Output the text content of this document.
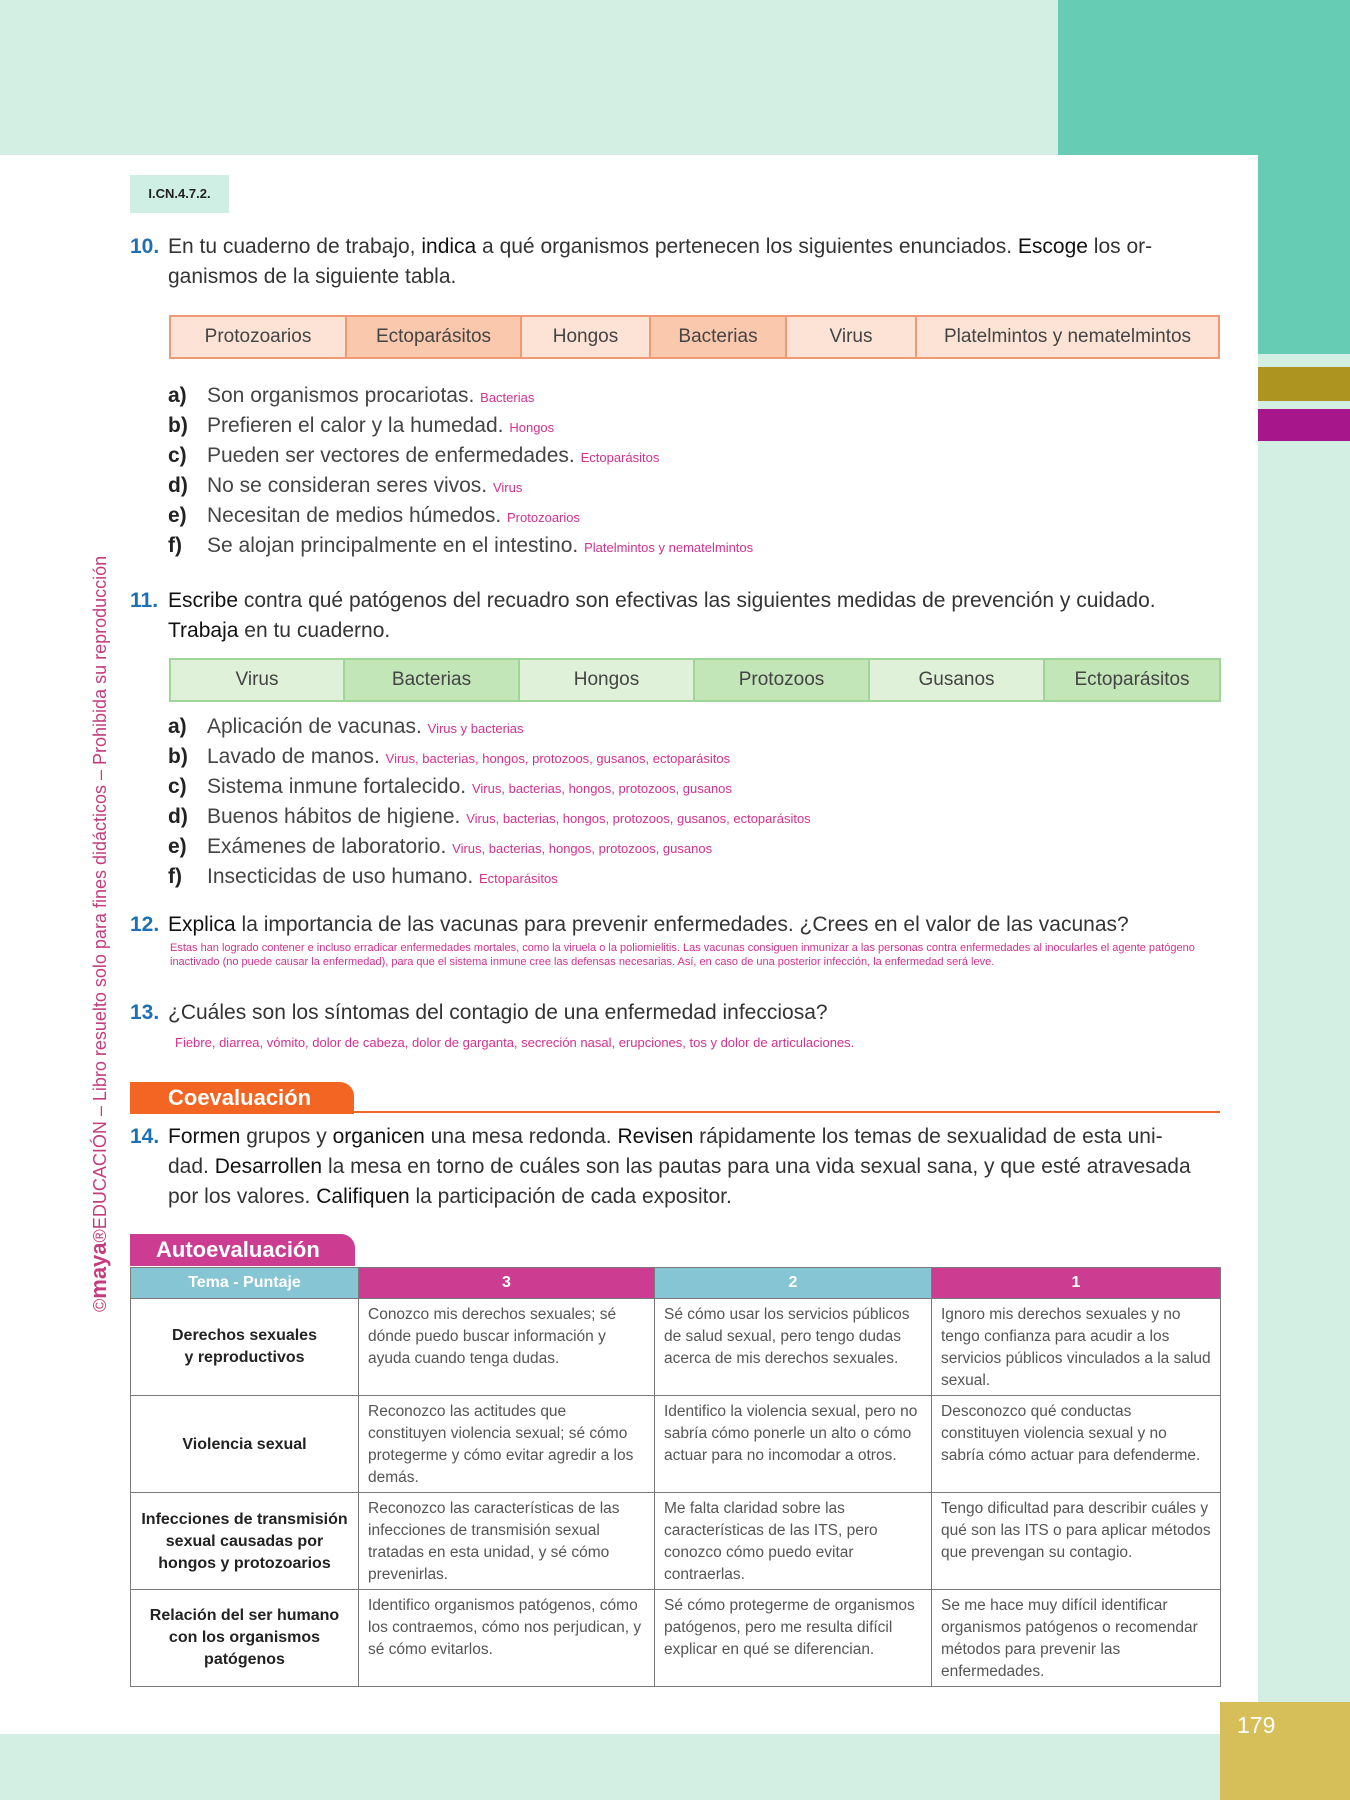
179
©maya®EDUCACIÓN – Libro resuelto solo para fines didácticos – Prohibida su reproducción
I.CN.4.7.2.
10. En tu cuaderno de trabajo, indica a qué organismos pertenecen los siguientes enunciados. Escoge los or-
ganismos de la siguiente tabla.
Protozoarios	Ectoparásitos	Hongos	Bacterias	Virus	Platelmintos y nematelmintos
a) Son organismos procariotas. Bacterias
b) Prefieren el calor y la humedad. Hongos
c) Pueden ser vectores de enfermedades. Ectoparásitos
d) No se consideran seres vivos. Virus
e) Necesitan de medios húmedos. Protozoarios
f) Se alojan principalmente en el intestino. Platelmintos y nematelmintos
11. Escribe contra qué patógenos del recuadro son efectivas las siguientes medidas de prevención y cuidado.
Trabaja en tu cuaderno.
Virus	Bacterias	Hongos	Protozoos	Gusanos	Ectoparásitos
a) Aplicación de vacunas. Virus y bacterias
b) Lavado de manos. Virus, bacterias, hongos, protozoos, gusanos, ectoparásitos
c) Sistema inmune fortalecido. Virus, bacterias, hongos, protozoos, gusanos
d) Buenos hábitos de higiene. Virus, bacterias, hongos, protozoos, gusanos, ectoparásitos
e) Exámenes de laboratorio. Virus, bacterias, hongos, protozoos, gusanos
f) Insecticidas de uso humano. Ectoparásitos
12. Explica la importancia de las vacunas para prevenir enfermedades. ¿Crees en el valor de las vacunas?
Estas han logrado contener e incluso erradicar enfermedades mortales, como la viruela o la poliomielitis. Las vacunas consiguen inmunizar a las personas contra enfermedades al inocularles el agente patógeno inactivado (no puede causar la enfermedad), para que el sistema inmune cree las defensas necesarias. Así, en caso de una posterior infección, la enfermedad será leve.
13. ¿Cuáles son los síntomas del contagio de una enfermedad infecciosa?
Fiebre, diarrea, vómito, dolor de cabeza, dolor de garganta, secreción nasal, erupciones, tos y dolor de articulaciones.
Coevaluación
14. Formen grupos y organicen una mesa redonda. Revisen rápidamente los temas de sexualidad de esta uni-
dad. Desarrollen la mesa en torno de cuáles son las pautas para una vida sexual sana, y que esté atravesada
por los valores. Califiquen la participación de cada expositor.
Autoevaluación
Tema - Puntaje	3	2	1
Derechos sexuales y reproductivos	Conozco mis derechos sexuales; sé dónde puedo buscar información y ayuda cuando tenga dudas.	Sé cómo usar los servicios públicos de salud sexual, pero tengo dudas acerca de mis derechos sexuales.	Ignoro mis derechos sexuales y no tengo confianza para acudir a los servicios públicos vinculados a la salud sexual.
Violencia sexual	Reconozco las actitudes que constituyen violencia sexual; sé cómo protegerme y cómo evitar agredir a los demás.	Identifico la violencia sexual, pero no sabría cómo ponerle un alto o cómo actuar para no incomodar a otros.	Desconozco qué conductas constituyen violencia sexual y no sabría cómo actuar para defenderme.
Infecciones de transmisión sexual causadas por hongos y protozoarios	Reconozco las características de las infecciones de transmisión sexual tratadas en esta unidad, y sé cómo prevenirlas.	Me falta claridad sobre las características de las ITS, pero conozco cómo puedo evitar contraerlas.	Tengo dificultad para describir cuáles y qué son las ITS o para aplicar métodos que prevengan su contagio.
Relación del ser humano con los organismos patógenos	Identifico organismos patógenos, cómo los contraemos, cómo nos perjudican, y sé cómo evitarlos.	Sé cómo protegerme de organismos patógenos, pero me resulta difícil explicar en qué se diferencian.	Se me hace muy difícil identificar organismos patógenos o recomendar métodos para prevenir las enfermedades.
